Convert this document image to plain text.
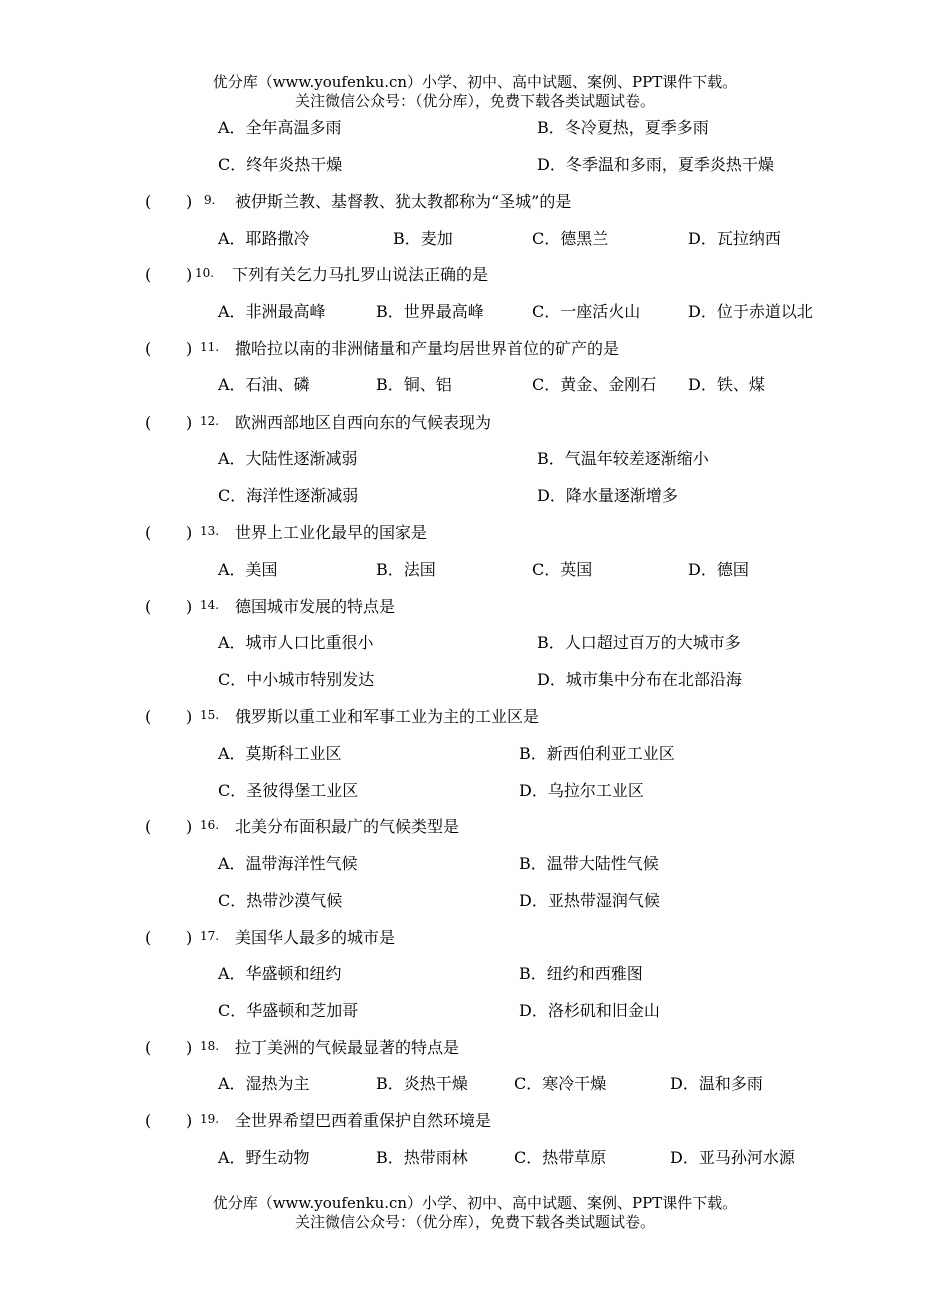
优分库（www.youfenku.cn）小学、初中、高中试题、案例、PPT课件下载。
关注微信公众号：（优分库），免费下载各类试题试卷。
A．全年高温多雨	B．冬冷夏热，夏季多雨
C．终年炎热干燥	D．冬季温和多雨，夏季炎热干燥
( ) 9. 被伊斯兰教、基督教、犹太教都称为“圣城”的是
A．耶路撒冷	B．麦加	C．德黑兰	D．瓦拉纳西
( ) 10. 下列有关乞力马扎罗山说法正确的是
A．非洲最高峰	B．世界最高峰	C．一座活火山	D．位于赤道以北
( ) 11. 撒哈拉以南的非洲储量和产量均居世界首位的矿产的是
A．石油、磷	B．铜、铝	C．黄金、金刚石 D．铁、煤
( ) 12. 欧洲西部地区自西向东的气候表现为
A．大陆性逐渐减弱	B．气温年较差逐渐缩小
C．海洋性逐渐减弱	D．降水量逐渐增多
( ) 13. 世界上工业化最早的国家是
A．美国	B．法国	C．英国	D．德国
( ) 14. 德国城市发展的特点是
A．城市人口比重很小	B．人口超过百万的大城市多
C．中小城市特别发达	D．城市集中分布在北部沿海
( ) 15. 俄罗斯以重工业和军事工业为主的工业区是
A．莫斯科工业区	B．新西伯利亚工业区
C．圣彼得堡工业区	D．乌拉尔工业区
( ) 16. 北美分布面积最广的气候类型是
A．温带海洋性气候	B．温带大陆性气候
C．热带沙漠气候	D．亚热带湿润气候
( ) 17. 美国华人最多的城市是
A．华盛顿和纽约	B．纽约和西雅图
C．华盛顿和芝加哥	D．洛杉矶和旧金山
( ) 18. 拉丁美洲的气候最显著的特点是
A．湿热为主	B．炎热干燥	C．寒冷干燥	D．温和多雨
( ) 19. 全世界希望巴西着重保护自然环境是
A．野生动物	B．热带雨林	C．热带草原	D．亚马孙河水源
优分库（www.youfenku.cn）小学、初中、高中试题、案例、PPT课件下载。
关注微信公众号：（优分库），免费下载各类试题试卷。
